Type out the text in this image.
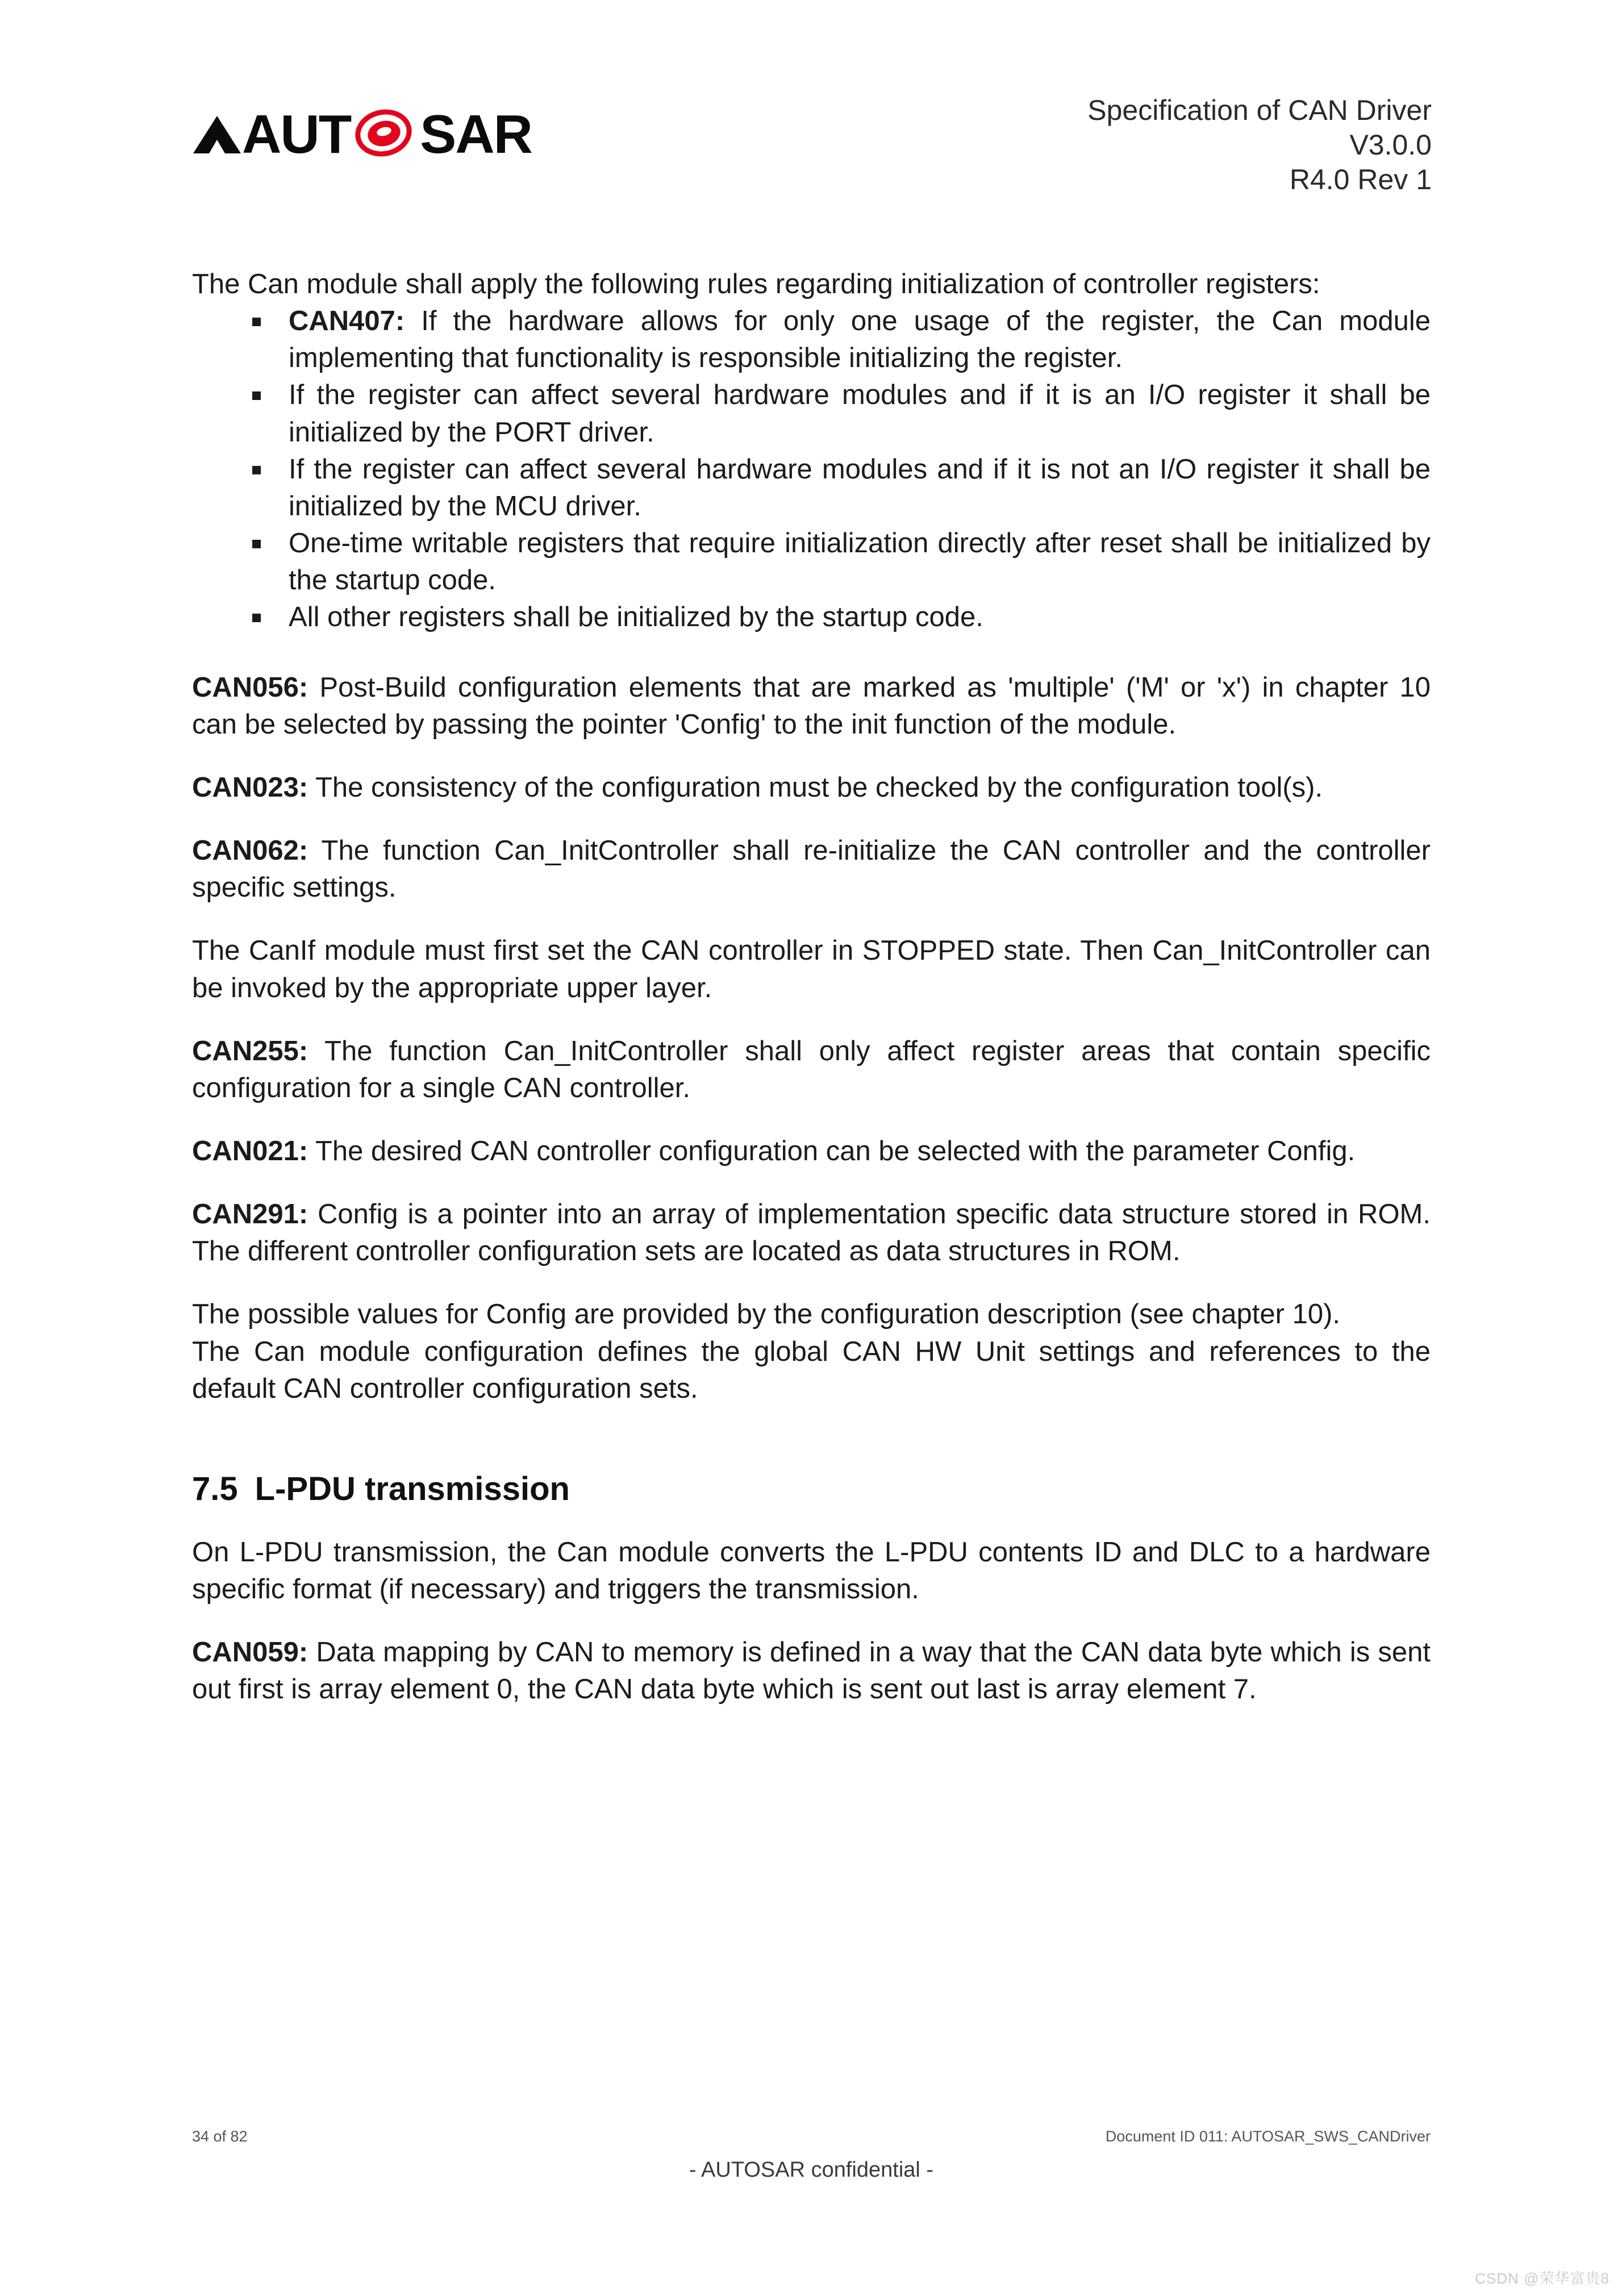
AUT SAR	Specification of CAN Driver
V3.0.0
R4.0 Rev 1

The Can module shall apply the following rules regarding initialization of controller registers:

CAN407: If the hardware allows for only one usage of the register, the Can module implementing that functionality is responsible initializing the register.
If the register can affect several hardware modules and if it is an I/O register it shall be initialized by the PORT driver.
If the register can affect several hardware modules and if it is not an I/O register it shall be initialized by the MCU driver.
One-time writable registers that require initialization directly after reset shall be initialized by the startup code.
All other registers shall be initialized by the startup code.

CAN056: Post-Build configuration elements that are marked as 'multiple' ('M' or 'x') in chapter 10 can be selected by passing the pointer 'Config' to the init function of the module.

CAN023: The consistency of the configuration must be checked by the configuration tool(s).

CAN062: The function Can_InitController shall re-initialize the CAN controller and the controller specific settings.

The CanIf module must first set the CAN controller in STOPPED state. Then Can_InitController can be invoked by the appropriate upper layer.

CAN255: The function Can_InitController shall only affect register areas that contain specific configuration for a single CAN controller.

CAN021: The desired CAN controller configuration can be selected with the parameter Config.

CAN291: Config is a pointer into an array of implementation specific data structure stored in ROM. The different controller configuration sets are located as data structures in ROM.

The possible values for Config are provided by the configuration description (see chapter 10).

The Can module configuration defines the global CAN HW Unit settings and references to the default CAN controller configuration sets.

7.5 L-PDU transmission

On L-PDU transmission, the Can module converts the L-PDU contents ID and DLC to a hardware specific format (if necessary) and triggers the transmission.

CAN059: Data mapping by CAN to memory is defined in a way that the CAN data byte which is sent out first is array element 0, the CAN data byte which is sent out last is array element 7.

34 of 82	Document ID 011: AUTOSAR_SWS_CANDriver
- AUTOSAR confidential -
CSDN @荣华富贵8
